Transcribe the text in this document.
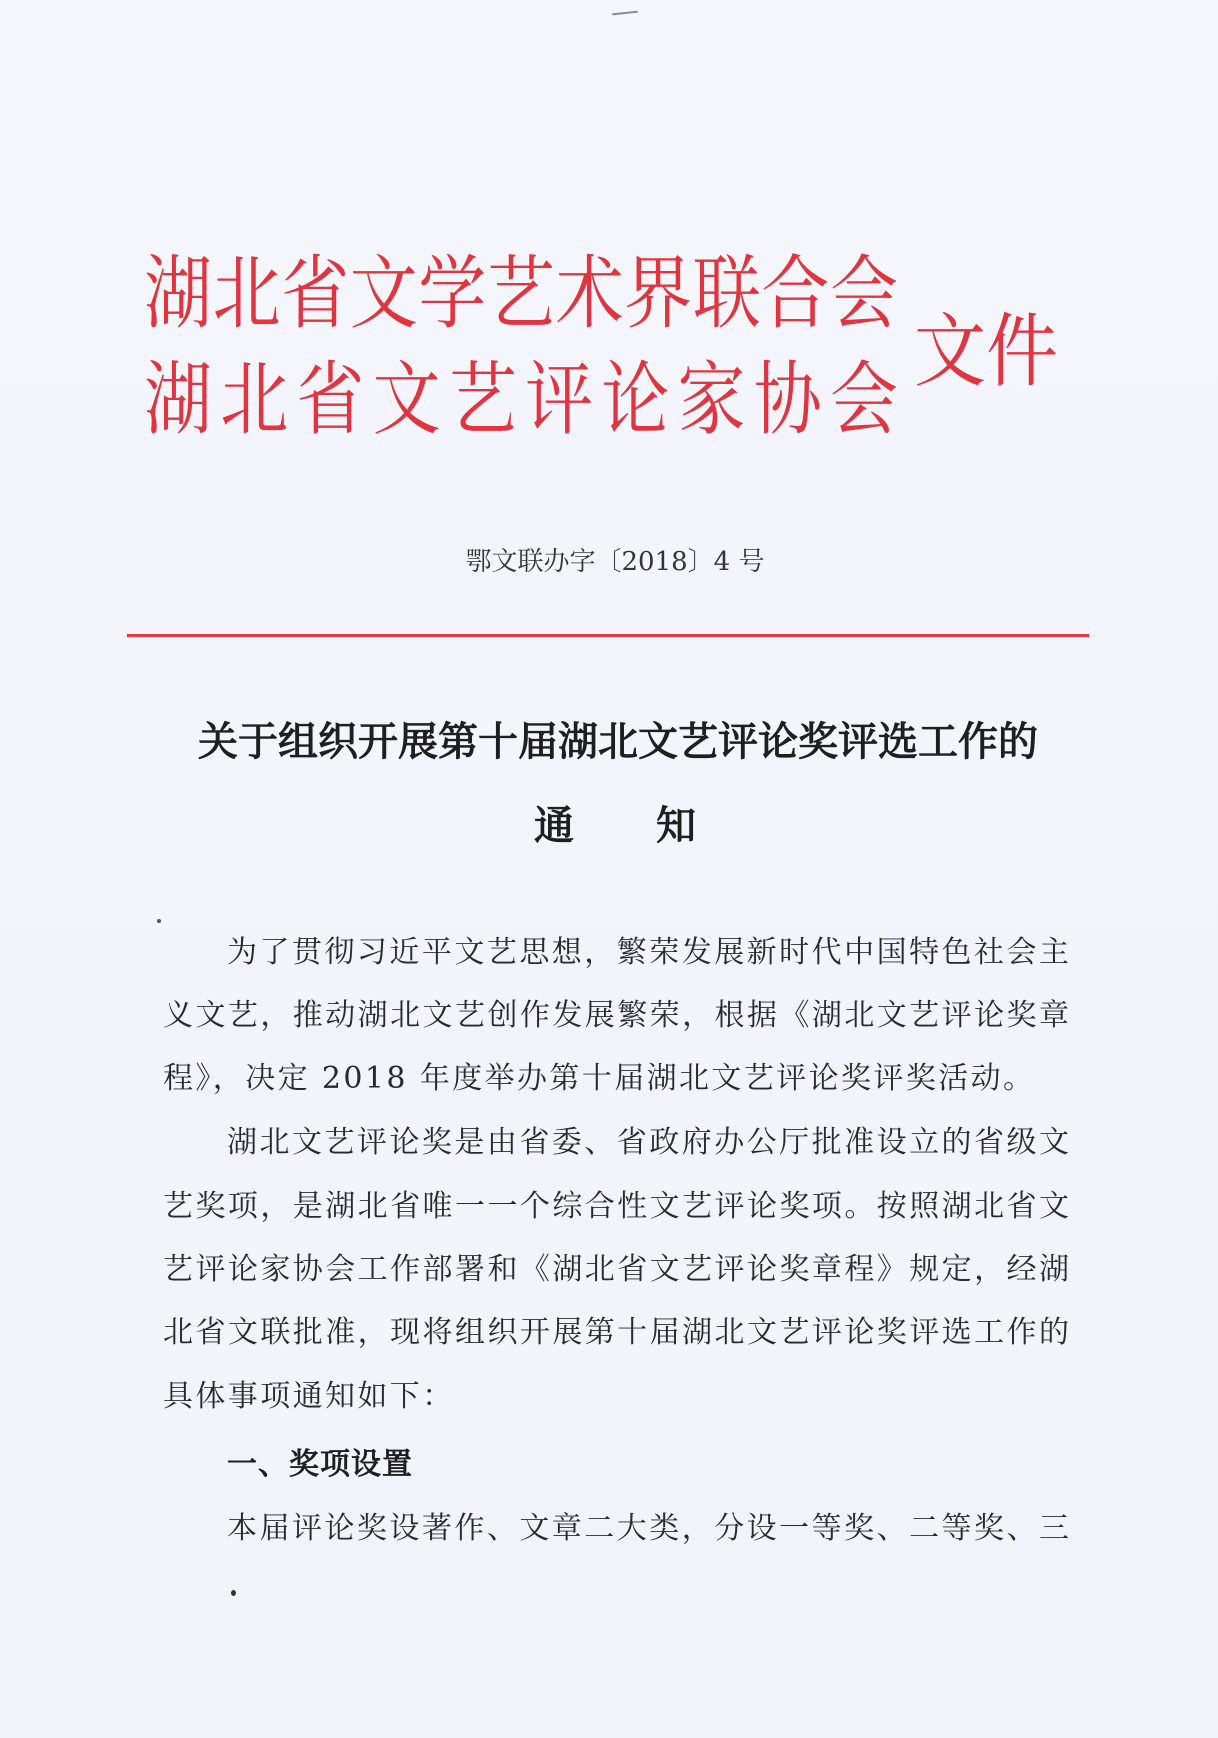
湖北省文学艺术界联合会
湖北省文艺评论家协会
文件
鄂文联办字〔2018〕4 号
关于组织开展第十届湖北文艺评论奖评选工作的
通知
为了贯彻习近平文艺思想，繁荣发展新时代中国特色社会主
义文艺，推动湖北文艺创作发展繁荣，根据《湖北文艺评论奖章
程》，决定 2018 年度举办第十届湖北文艺评论奖评奖活动。
湖北文艺评论奖是由省委、省政府办公厅批准设立的省级文
艺奖项，是湖北省唯一一个综合性文艺评论奖项。按照湖北省文
艺评论家协会工作部署和《湖北省文艺评论奖章程》规定，经湖
北省文联批准，现将组织开展第十届湖北文艺评论奖评选工作的
具体事项通知如下：
一、奖项设置
本届评论奖设著作、文章二大类，分设一等奖、二等奖、三
